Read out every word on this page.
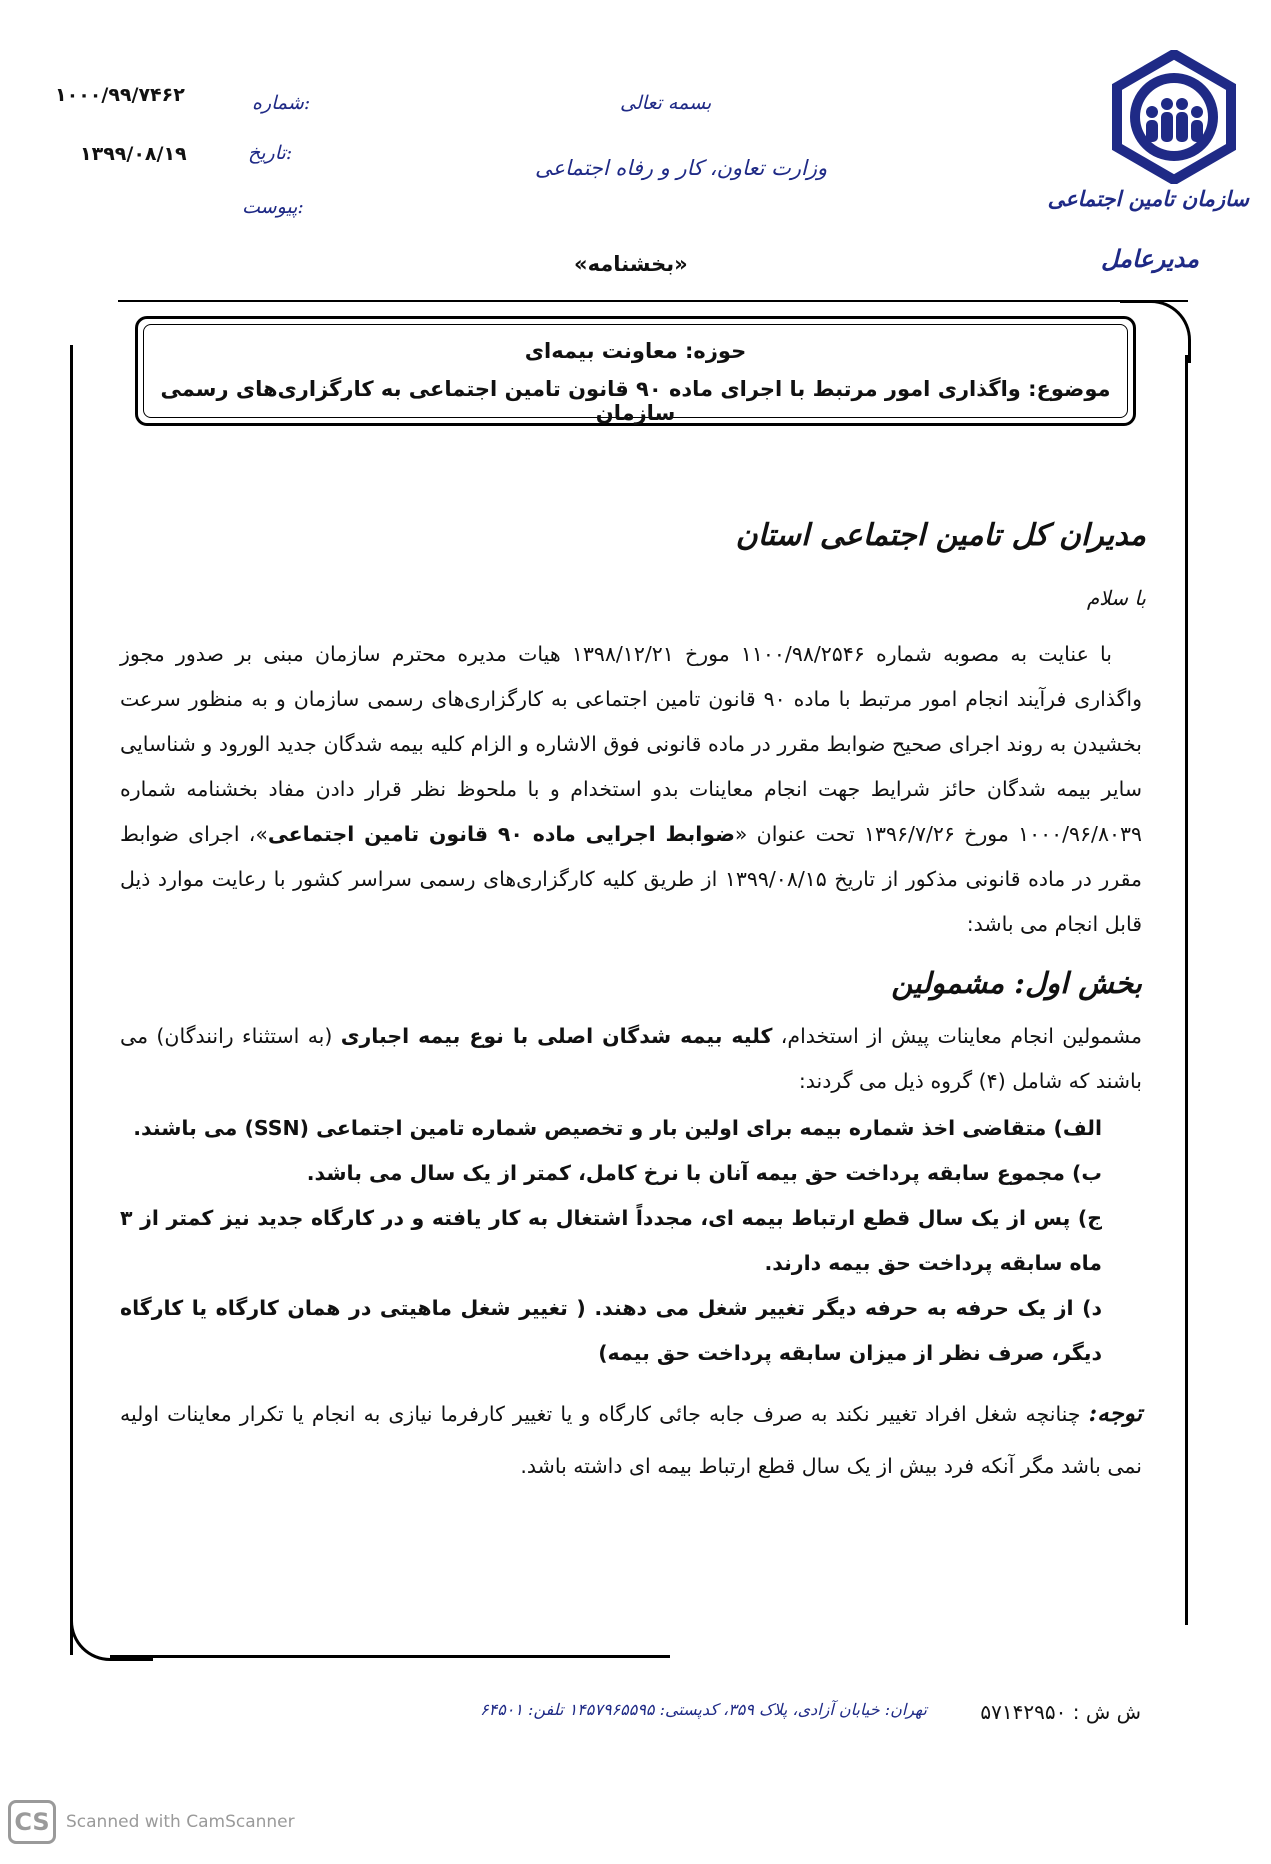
سازمان تامین اجتماعی
مدیرعامل
بسمه تعالی
وزارت تعاون، کار و رفاه اجتماعی
شماره:
۱۰۰۰/۹۹/۷۴۶۲
تاریخ:
۱۳۹۹/۰۸/۱۹
پیوست:
«بخشنامه»
حوزه: معاونت بیمه‌ای
موضوع: واگذاری امور مرتبط با اجرای ماده ۹۰ قانون تامین اجتماعی به کارگزاری‌های رسمی سازمان
مدیران کل تامین اجتماعی استان
با سلام

با عنایت به مصوبه شماره ۱۱۰۰/۹۸/۲۵۴۶ مورخ ۱۳۹۸/۱۲/۲۱ هیات مدیره محترم سازمان مبنی بر صدور مجوز واگذاری فرآیند انجام امور مرتبط با ماده ۹۰ قانون تامین اجتماعی به کارگزاری‌های رسمی سازمان و به منظور سرعت بخشیدن به روند اجرای صحیح ضوابط مقرر در ماده قانونی فوق الاشاره و الزام کلیه بیمه شدگان جدید الورود و شناسایی سایر بیمه شدگان حائز شرایط جهت انجام معاینات بدو استخدام و با ملحوظ نظر قرار دادن مفاد بخشنامه شماره ۱۰۰۰/۹۶/۸۰۳۹ مورخ ۱۳۹۶/۷/۲۶ تحت عنوان «ضوابط اجرایی ماده ۹۰ قانون تامین اجتماعی»، اجرای ضوابط مقرر در ماده قانونی مذکور از تاریخ ۱۳۹۹/۰۸/۱۵ از طریق کلیه کارگزاری‌های رسمی سراسر کشور با رعایت موارد ذیل قابل انجام می باشد:

بخش اول: مشمولین

مشمولین انجام معاینات پیش از استخدام، کلیه بیمه شدگان اصلی با نوع بیمه اجباری (به استثناء رانندگان) می باشند که شامل (۴) گروه ذیل می گردند:

الف) متقاضی اخذ شماره بیمه برای اولین بار و تخصیص شماره تامین اجتماعی (SSN) می باشند.
ب) مجموع سابقه پرداخت حق بیمه آنان با نرخ کامل، کمتر از یک سال می باشد.
ج) پس از یک سال قطع ارتباط بیمه ای، مجدداً اشتغال به کار یافته و در کارگاه جدید نیز کمتر از ۳ ماه سابقه پرداخت حق بیمه دارند.
د) از یک حرفه به حرفه دیگر تغییر شغل می دهند. ( تغییر شغل ماهیتی در همان کارگاه یا کارگاه دیگر، صرف نظر از میزان سابقه پرداخت حق بیمه)

توجه: چنانچه شغل افراد تغییر نکند به صرف جابه جائی کارگاه و یا تغییر کارفرما نیازی به انجام یا تکرار معاینات اولیه نمی باشد مگر آنکه فرد بیش از یک سال قطع ارتباط بیمه ای داشته باشد.

تهران: خیابان آزادی، پلاک ۳۵۹، کدپستی: ۱۴۵۷۹۶۵۵۹۵ تلفن: ۶۴۵۰۱	ش ش : ۵۷۱۴۲۹۵۰
CS Scanned with CamScanner
